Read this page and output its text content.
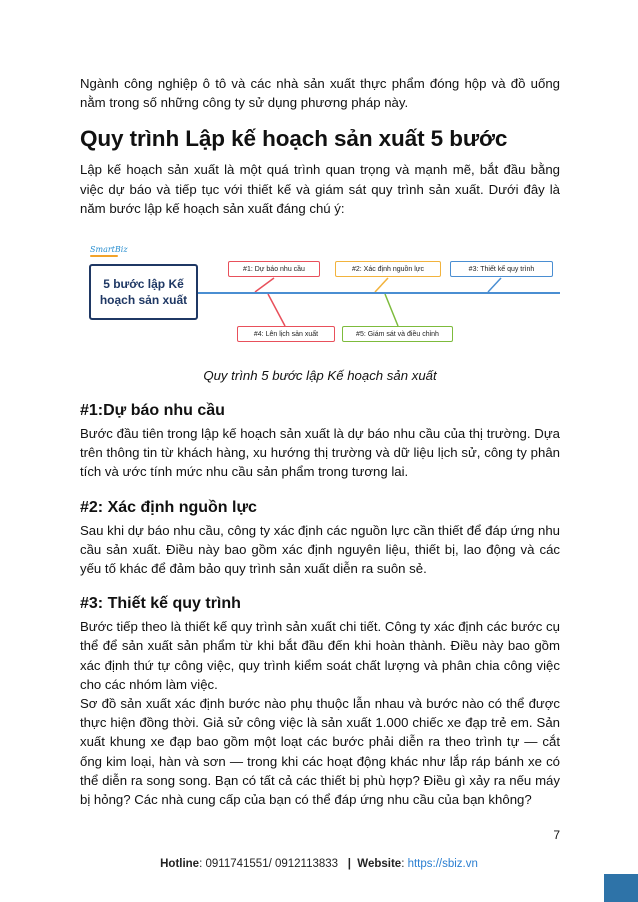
Ngành công nghiệp ô tô và các nhà sản xuất thực phẩm đóng hộp và đồ uống nằm trong số những công ty sử dụng phương pháp này.

Quy trình Lập kế hoạch sản xuất 5 bước

Lập kế hoạch sản xuất là một quá trình quan trọng và mạnh mẽ, bắt đầu bằng việc dự báo và tiếp tục với thiết kế và giám sát quy trình sản xuất. Dưới đây là năm bước lập kế hoạch sản xuất đáng chú ý:

SmartBiz
5 bước lập Kế
hoạch sản xuất
#1: Dự báo nhu cầu	#2: Xác định nguồn lực	#3: Thiết kế quy trình
#4: Lên lịch sản xuất	#5: Giám sát và điều chỉnh

Quy trình 5 bước lập Kế hoạch sản xuất

#1:Dự báo nhu cầu

Bước đầu tiên trong lập kế hoạch sản xuất là dự báo nhu cầu của thị trường. Dựa trên thông tin từ khách hàng, xu hướng thị trường và dữ liệu lịch sử, công ty phân tích và ước tính mức nhu cầu sản phẩm trong tương lai.

#2: Xác định nguồn lực

Sau khi dự báo nhu cầu, công ty xác định các nguồn lực cần thiết để đáp ứng nhu cầu sản xuất. Điều này bao gồm xác định nguyên liệu, thiết bị, lao động và các yếu tố khác để đảm bảo quy trình sản xuất diễn ra suôn sẻ.

#3: Thiết kế quy trình

Bước tiếp theo là thiết kế quy trình sản xuất chi tiết. Công ty xác định các bước cụ thể để sản xuất sản phẩm từ khi bắt đầu đến khi hoàn thành. Điều này bao gồm xác định thứ tự công việc, quy trình kiểm soát chất lượng và phân chia công việc cho các nhóm làm việc.

Sơ đồ sản xuất xác định bước nào phụ thuộc lẫn nhau và bước nào có thể được thực hiện đồng thời. Giả sử công việc là sản xuất 1.000 chiếc xe đạp trẻ em. Sản xuất khung xe đạp bao gồm một loạt các bước phải diễn ra theo trình tự — cắt ống kim loại, hàn và sơn — trong khi các hoạt động khác như lắp ráp bánh xe có thể diễn ra song song. Bạn có tất cả các thiết bị phù hợp? Điều gì xảy ra nếu máy bị hỏng? Các nhà cung cấp của bạn có thể đáp ứng nhu cầu của bạn không?

7
Hotline: 0911741551/ 0912113833 | Website: https://sbiz.vn
